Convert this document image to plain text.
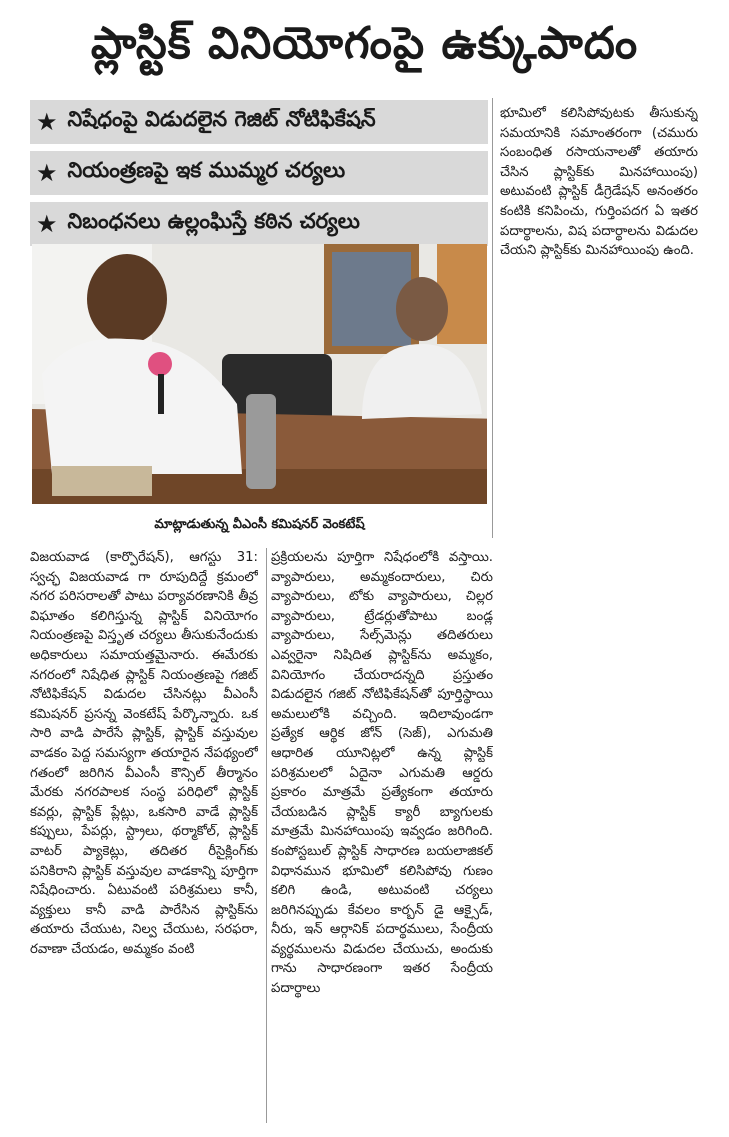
ప్లాస్టిక్ వినియోగంపై ఉక్కుపాదం
★ నిషేధంపై విడుదలైన గెజిట్ నోటిఫికేషన్
★ నియంత్రణపై ఇక ముమ్మర చర్యలు
★ నిబంధనలు ఉల్లంఘిస్తే కఠిన చర్యలు
మాట్లాడుతున్న వీఎంసీ కమిషనర్ వెంకటేష్
భూమిలో కలిసిపోవుటకు తీసుకున్న సమయానికి సమాంతరంగా (చమురు సంబంధిత రసాయనాలతో తయారు చేసిన ప్లాస్టిక్‌కు మినహాయింపు) అటువంటి ప్లాస్టిక్ డీగ్రెడేషన్ అనంతరం కంటికి కనిపించు, గుర్తింపదగ ఏ ఇతర పదార్థాలను, విష పదార్థాలను విడుదల చేయని ప్లాస్టిక్‌కు మినహాయింపు ఉంది.
విజయవాడ (కార్పొరేషన్), ఆగస్టు 31: స్వచ్ఛ విజయవాడ గా రూపుదిద్దే క్రమంలో నగర పరిసరాలతో పాటు పర్యావరణానికి తీవ్ర విఘాతం కలిగిస్తున్న ప్లాస్టిక్ వినియోగం నియంత్రణపై విస్తృత చర్యలు తీసుకునేందుకు అధికారులు సమాయత్తమైనారు. ఈమేరకు నగరంలో నిషేధిత ప్లాస్టిక్ నియంత్రణపై గజిట్ నోటిఫికేషన్ విడుదల చేసినట్లు వీఎంసీ కమిషనర్ ప్రసన్న వెంకటేష్ పేర్కొన్నారు. ఒక సారి వాడి పారేసే ప్లాస్టిక్, ప్లాస్టిక్ వస్తువుల వాడకం పెద్ద సమస్యగా తయారైన నేపథ్యంలో గతంలో జరిగిన వీఎంసీ కౌన్సిల్ తీర్మానం మేరకు నగరపాలక సంస్థ పరిధిలో ప్లాస్టిక్ కవర్లు, ప్లాస్టిక్ ప్లేట్లు, ఒకసారి వాడే ప్లాస్టిక్ కప్పులు, పేపర్లు, స్ట్రాలు, థర్మాకోల్, ప్లాస్టిక్ వాటర్ ప్యాకెట్లు, తదితర రీసైక్లింగ్‌కు పనికిరాని ప్లాస్టిక్ వస్తువుల వాడకాన్ని పూర్తిగా నిషేధించారు. ఏటువంటి పరిశ్రమలు కానీ, వ్యక్తులు కానీ వాడి పారేసిన ప్లాస్టిక్‌ను తయారు చేయుట, నిల్వ చేయుట, సరఫరా, రవాణా చేయడం, అమ్మకం వంటి
ప్రక్రియలను పూర్తిగా నిషేధంలోకి వస్తాయి. వ్యాపారులు, అమ్మకందారులు, చిరు వ్యాపారులు, టోకు వ్యాపారులు, చిల్లర వ్యాపారులు, ట్రేడర్లుతోపాటు బండ్ల వ్యాపారులు, సేల్స్‌మెన్లు తదితరులు ఎవ్వరైనా నిషిదిత ప్లాస్టిక్‌ను అమ్మకం, వినియోగం చేయరాదన్నది ప్రస్తుతం విడుదలైన గజిట్ నోటిఫికేషన్‌తో పూర్తిస్థాయి అమలులోకి వచ్చింది. ఇదిలావుండగా ప్రత్యేక ఆర్థిక జోన్ (సెజ్), ఎగుమతి ఆధారిత యూనిట్లలో ఉన్న ప్లాస్టిక్ పరిశ్రమలలో ఏదైనా ఎగుమతి ఆర్డరు ప్రకారం మాత్రమే ప్రత్యేకంగా తయారు చేయబడిన ప్లాస్టిక్ క్యారీ బ్యాగులకు మాత్రమే మినహాయింపు ఇవ్వడం జరిగింది. కంపోస్టబుల్ ప్లాస్టిక్ సాధారణ బయలాజికల్ విధానమున భూమిలో కలిసిపోవు గుణం కలిగి ఉండి, అటువంటి చర్యలు జరిగినప్పుడు కేవలం కార్బన్ డై ఆక్సైడ్, నీరు, ఇన్ ఆర్గానిక్ పదార్థములు, సేంద్రీయ వ్యర్థములను విడుదల చేయుచు, అందుకు గాను సాధారణంగా ఇతర సేంద్రీయ పదార్థాలు
